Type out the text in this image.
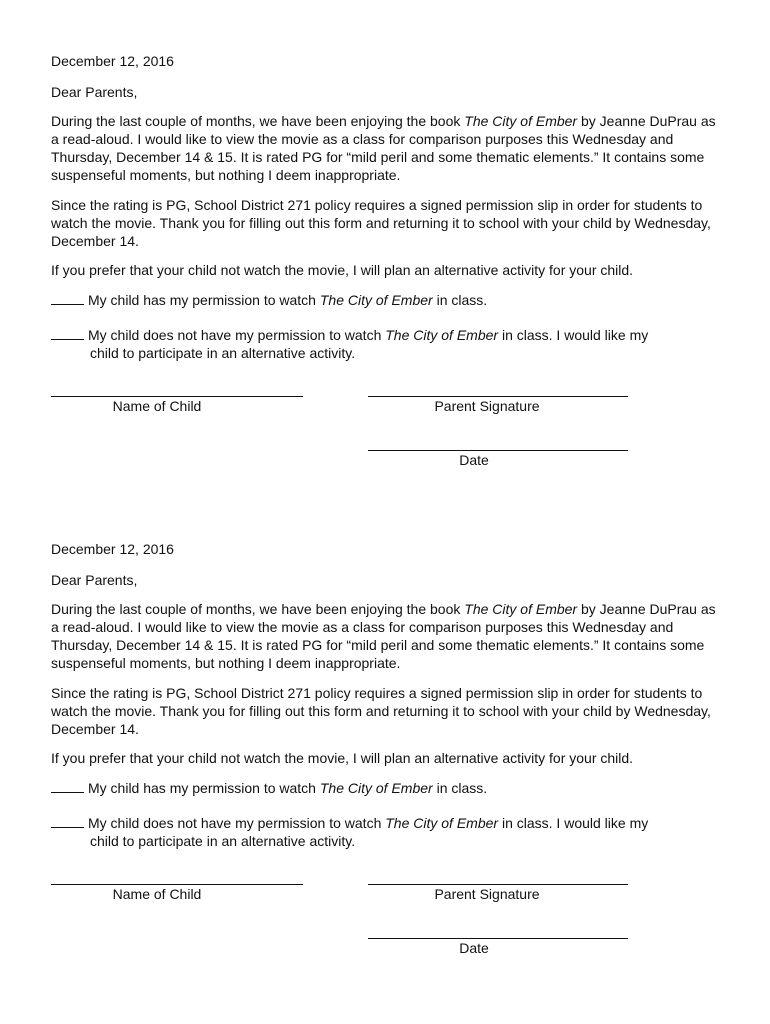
December 12, 2016
Dear Parents,
During the last couple of months, we have been enjoying the book The City of Ember by Jeanne DuPrau as a read-aloud. I would like to view the movie as a class for comparison purposes this Wednesday and Thursday, December 14 & 15. It is rated PG for “mild peril and some thematic elements.” It contains some suspenseful moments, but nothing I deem inappropriate.
Since the rating is PG, School District 271 policy requires a signed permission slip in order for students to watch the movie. Thank you for filling out this form and returning it to school with your child by Wednesday, December 14.
If you prefer that your child not watch the movie, I will plan an alternative activity for your child.
My child has my permission to watch The City of Ember in class.
My child does not have my permission to watch The City of Ember in class. I would like my
child to participate in an alternative activity.
Name of Child	Parent Signature
Date
December 12, 2016
Dear Parents,
During the last couple of months, we have been enjoying the book The City of Ember by Jeanne DuPrau as a read-aloud. I would like to view the movie as a class for comparison purposes this Wednesday and Thursday, December 14 & 15. It is rated PG for “mild peril and some thematic elements.” It contains some suspenseful moments, but nothing I deem inappropriate.
Since the rating is PG, School District 271 policy requires a signed permission slip in order for students to watch the movie. Thank you for filling out this form and returning it to school with your child by Wednesday, December 14.
If you prefer that your child not watch the movie, I will plan an alternative activity for your child.
My child has my permission to watch The City of Ember in class.
My child does not have my permission to watch The City of Ember in class. I would like my
child to participate in an alternative activity.
Name of Child	Parent Signature
Date
